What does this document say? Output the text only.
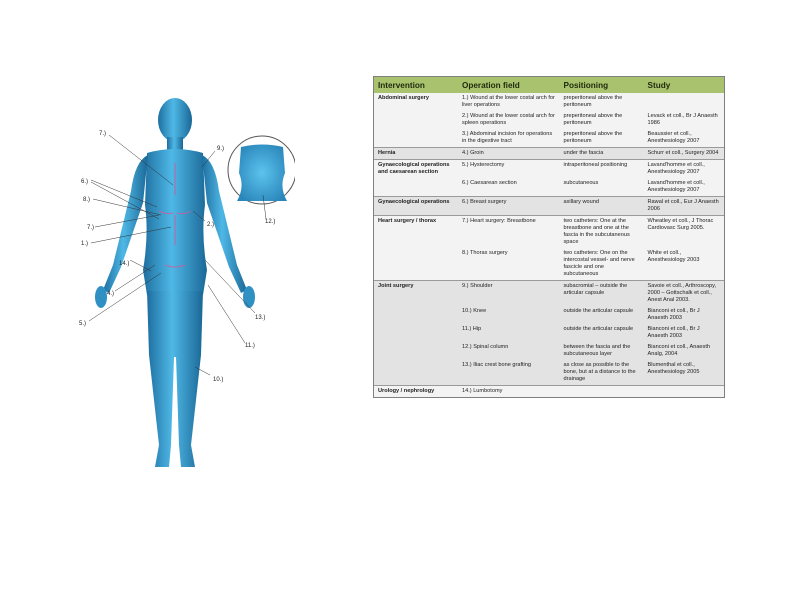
7.)
9.)
6.)
8.)
7.)
1.)
2.)	12.)
14.)
4.)
5.)
13.)
11.)
10.)
Intervention	Operation field	Positioning	Study
Abdominal surgery	1.) Wound at the lower costal arch for liver operations	preperitoneal above the peritoneum	
	2.) Wound at the lower costal arch for spleen operations	preperitoneal above the peritoneum	Levack et coll., Br J Anaesth 1986
	3.) Abdominal incision for operations in the digestive tract	preperitoneal above the peritoneum	Beaussier et coll., Anesthesiology 2007
Hernia	4.) Groin	under the fascia	Schurr et coll., Surgery 2004
Gynaecological operations and caesarean section	5.) Hysterectomy	intraperitoneal positioning	Lavand'homme et coll., Anesthesiology 2007
	6.) Caesarean section	subcutaneous	Lavand'homme et coll., Anesthesiology 2007
Gynaecological operations	6.) Breast surgery	axillary wound	Rawal et coll., Eur J Anaesth 2006
Heart surgery / thorax	7.) Heart surgery: Breastbone	two catheters: One at the breastbone and one at the fascia in the subcutaneous space	Wheatley et coll., J Thorac Cardiovasc Surg 2005.
	8.) Thorax surgery	two catheters: One on the intercostal vessel- and nerve fascicle and one subcutaneous	White et coll., Anesthesiology 2003
Joint surgery	9.) Shoulder	subacromial – outside the articular capsule	Savoie et coll., Arthroscopy, 2000 – Gottschalk et coll., Anest Anal 2003.
	10.) Knee	outside the articular capsule	Bianconi et coll., Br J Anaesth 2003
	11.) Hip	outside the articular capsule	Bianconi et coll., Br J Anaesth 2003
	12.) Spinal column	between the fascia and the subcutaneous layer	Bianconi et coll., Anaesth Analg, 2004
	13.) Iliac crest bone grafting	as close as possible to the bone, but at a distance to the drainage	Blumenthal et coll., Anesthesiology 2005
Urology / nephrology	14.) Lumbotomy		
